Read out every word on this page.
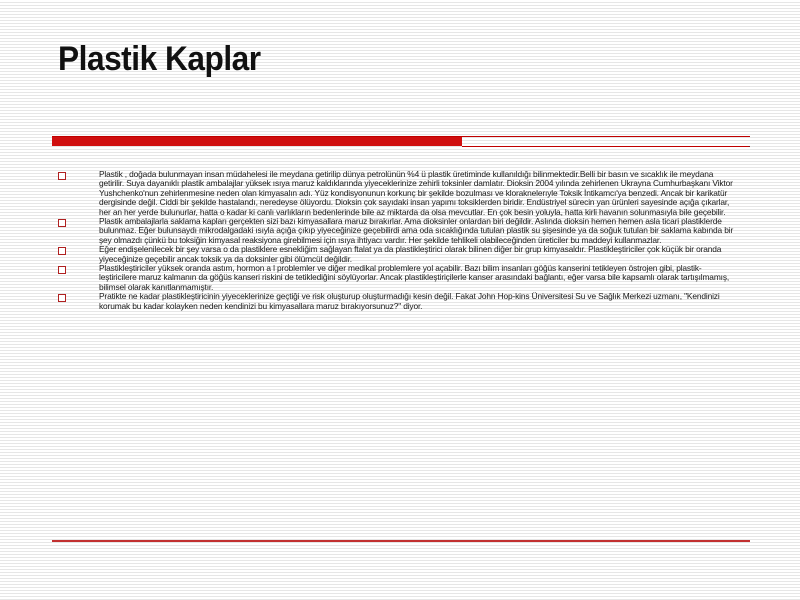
Plastik Kaplar
.
Plastik , doğada bulunmayan insan müdahelesi ile meydana getirilip dünya petrolünün %4 ü plastik üretiminde kullanıldığı bilinmektedir.Belli bir basın ve sıcaklık ile meydana getirilir. Suya dayanıklı plastik ambalajlar yüksek ısıya maruz kaldıklarında yiyeceklerinize zehirli toksinler damlatır. Dioksin 2004 yılında zehirlenen Ukrayna Cumhurbaşkanı Viktor Yushchenko'nun zehirlenmesine neden olan kimyasalın adı. Yüz kondisyonunun korkunç bir şekilde bozulması ve kloraknelerıyle Toksik İntikamcı'ya benzedi. Ancak bir karikatür dergisinde değil. Ciddi bir şekilde hastalandı, neredeyse ölüyordu. Dioksin çok sayıdaki insan yapımı toksiklerden biridir. Endüstriyel sürecin yan ürünleri sayesinde açığa çıkarlar, her an her yerde bulunurlar, hatta o kadar ki canlı varlıkların bedenlerinde bile az miktarda da olsa mevcutlar. En çok besin yoluyla, hatta kirli havanın solunmasıyla bile geçebilir.
Plastik ambalajlarla saklama kapları gerçekten sizi bazı kimyasallara maruz bırakırlar. Ama dioksinler onlardan biri değildir. Aslında dioksin hemen hemen asla ticari plastiklerde bulunmaz. Eğer bulunsaydı mikrodalgadaki ısıyla açığa çıkıp yiyeceğinize geçebilirdi ama oda sıcaklığında tutulan plastik su şişesinde ya da soğuk tutulan bir saklama kabında bir şey olmazdı çünkü bu toksiğin kimyasal reaksiyona girebilmesi için ısıya ihtiyacı vardır. Her şekilde tehlikeli olabileceğinden üreticiler bu maddeyi kullanmazlar.
Eğer endişelenilecek bir şey varsa o da plastiklere esnekliğim sağlayan ftalat ya da plastikleştirici olarak bilinen diğer bir grup kimyasaldır. Plastikleştiriciler çok küçük bir oranda yiyeceğinize geçebilir ancak toksik ya da doksinler gibi ölümcül değildir.
Plastikleştiriciler yüksek oranda astım, hormon a l problemler ve diğer medikal problemlere yol açabilir. Bazı bilim insanları göğüs kanserini tetikleyen östrojen gibi, plastik-leştiricilere maruz kalmanın da göğüs kanseri riskini de tetiklediğini söylüyorlar. Ancak plastikleştiriçilerle kanser arasındaki bağlantı, eğer varsa bile kapsamlı olarak tartışılmamış, bilimsel olarak kanıtlanmamıştır.
Pratikte ne kadar plastikleştiricinin yiyeceklerinize geçtiği ve risk oluşturup oluşturmadığı kesin değil. Fakat John Hop-kins Üniversitesi Su ve Sağlık Merkezi uzmanı, "Kendinizi korumak bu kadar kolayken neden kendinizi bu kimyasallara maruz bırakıyorsunuz?" diyor.
